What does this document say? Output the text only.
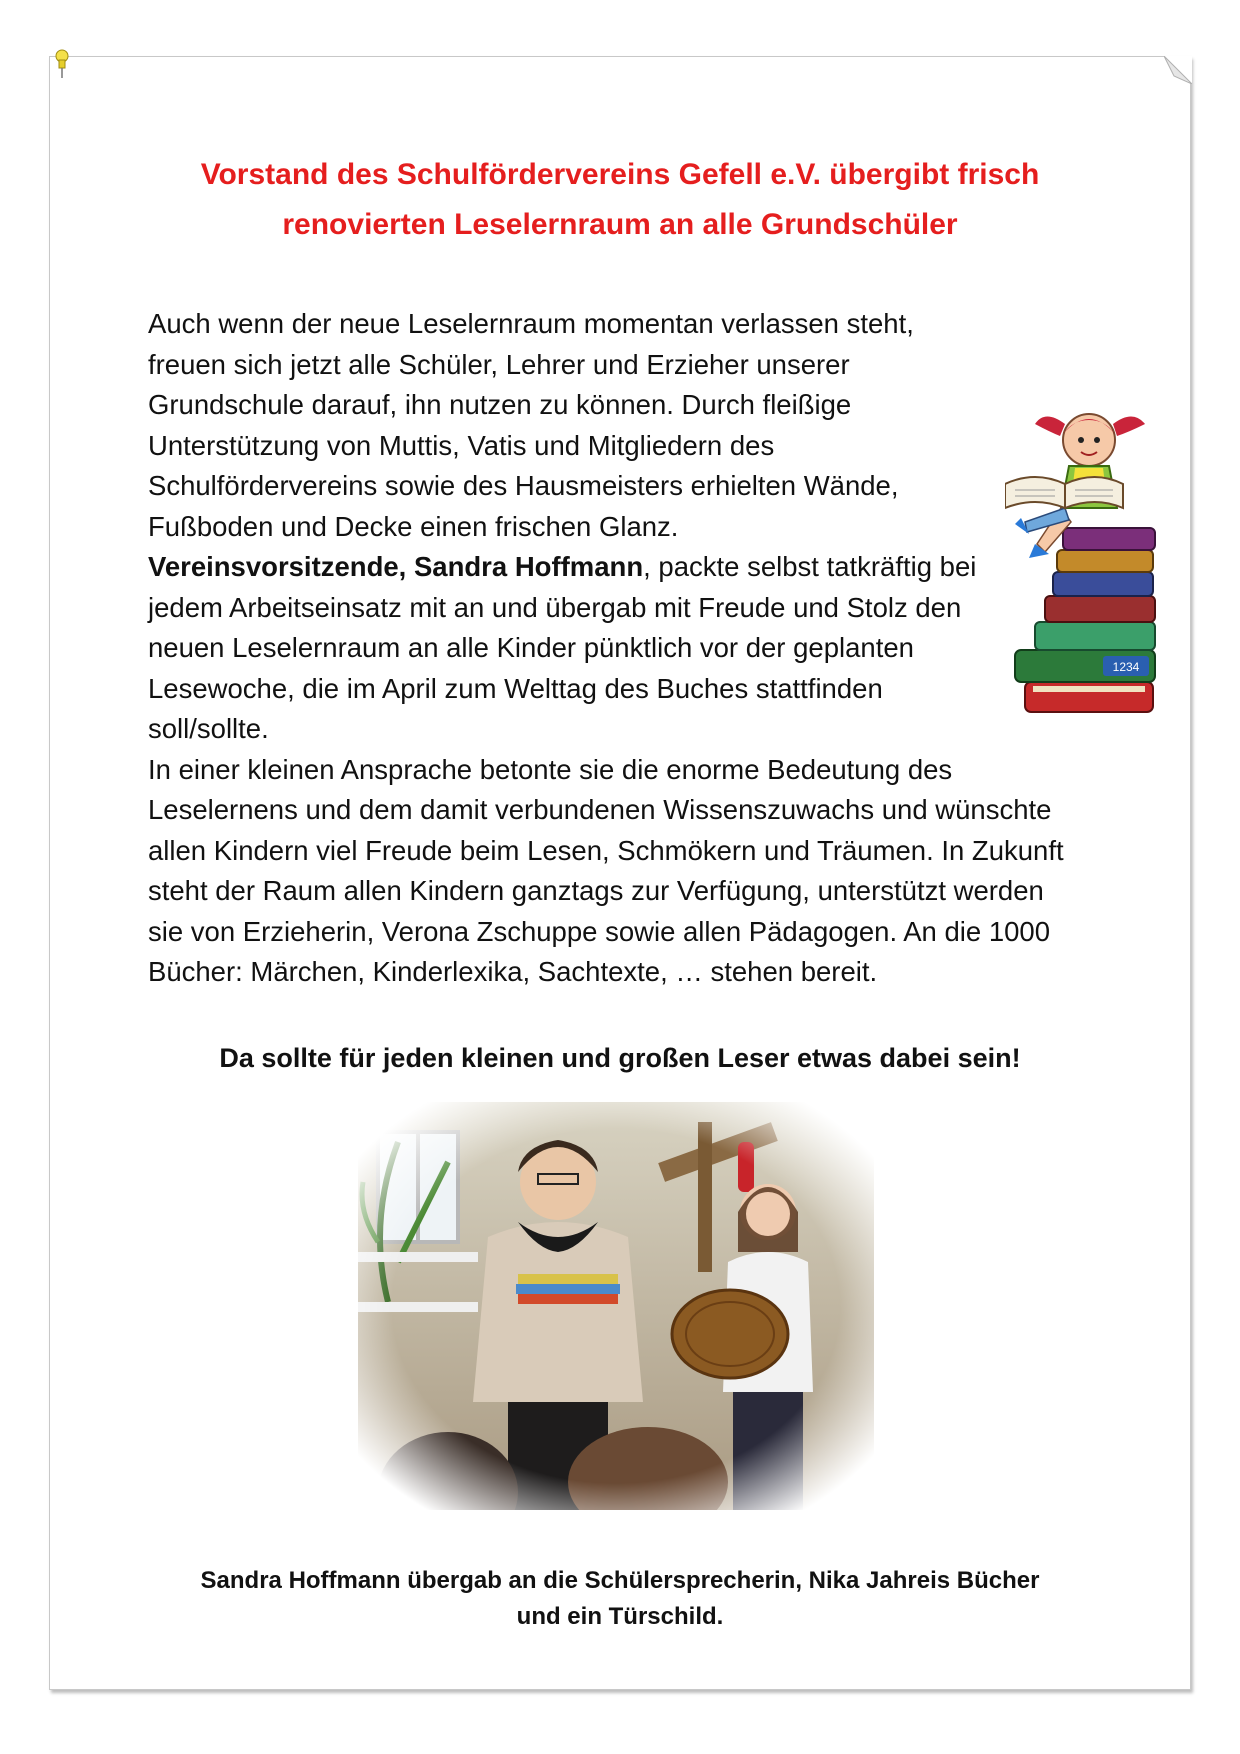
Vorstand des Schulfördervereins Gefell e.V. übergibt frisch
renovierten Leselernraum an alle Grundschüler

Auch wenn der neue Leselernraum momentan verlassen steht, freuen sich jetzt alle Schüler, Lehrer und Erzieher unserer Grundschule darauf, ihn nutzen zu können. Durch fleißige Unterstützung von Muttis, Vatis und Mitgliedern des Schulfördervereins sowie des Hausmeisters erhielten Wände, Fußboden und Decke einen frischen Glanz.

Vereinsvorsitzende, Sandra Hoffmann, packte selbst tatkräftig bei jedem Arbeitseinsatz mit an und übergab mit Freude und Stolz den neuen Leselernraum an alle Kinder pünktlich vor der geplanten Lesewoche, die im April zum Welttag des Buches stattfinden soll/sollte.

In einer kleinen Ansprache betonte sie die enorme Bedeutung des Leselernens und dem damit verbundenen Wissenszuwachs und wünschte allen Kindern viel Freude beim Lesen, Schmökern und Träumen. In Zukunft steht der Raum allen Kindern ganztags zur Verfügung, unterstützt werden sie von Erzieherin, Verona Zschuppe sowie allen Pädagogen. An die 1000 Bücher: Märchen, Kinderlexika, Sachtexte, … stehen bereit.

Da sollte für jeden kleinen und großen Leser etwas dabei sein!
1234
Sandra Hoffmann übergab an die Schülersprecherin, Nika Jahreis Bücher
und ein Türschild.
